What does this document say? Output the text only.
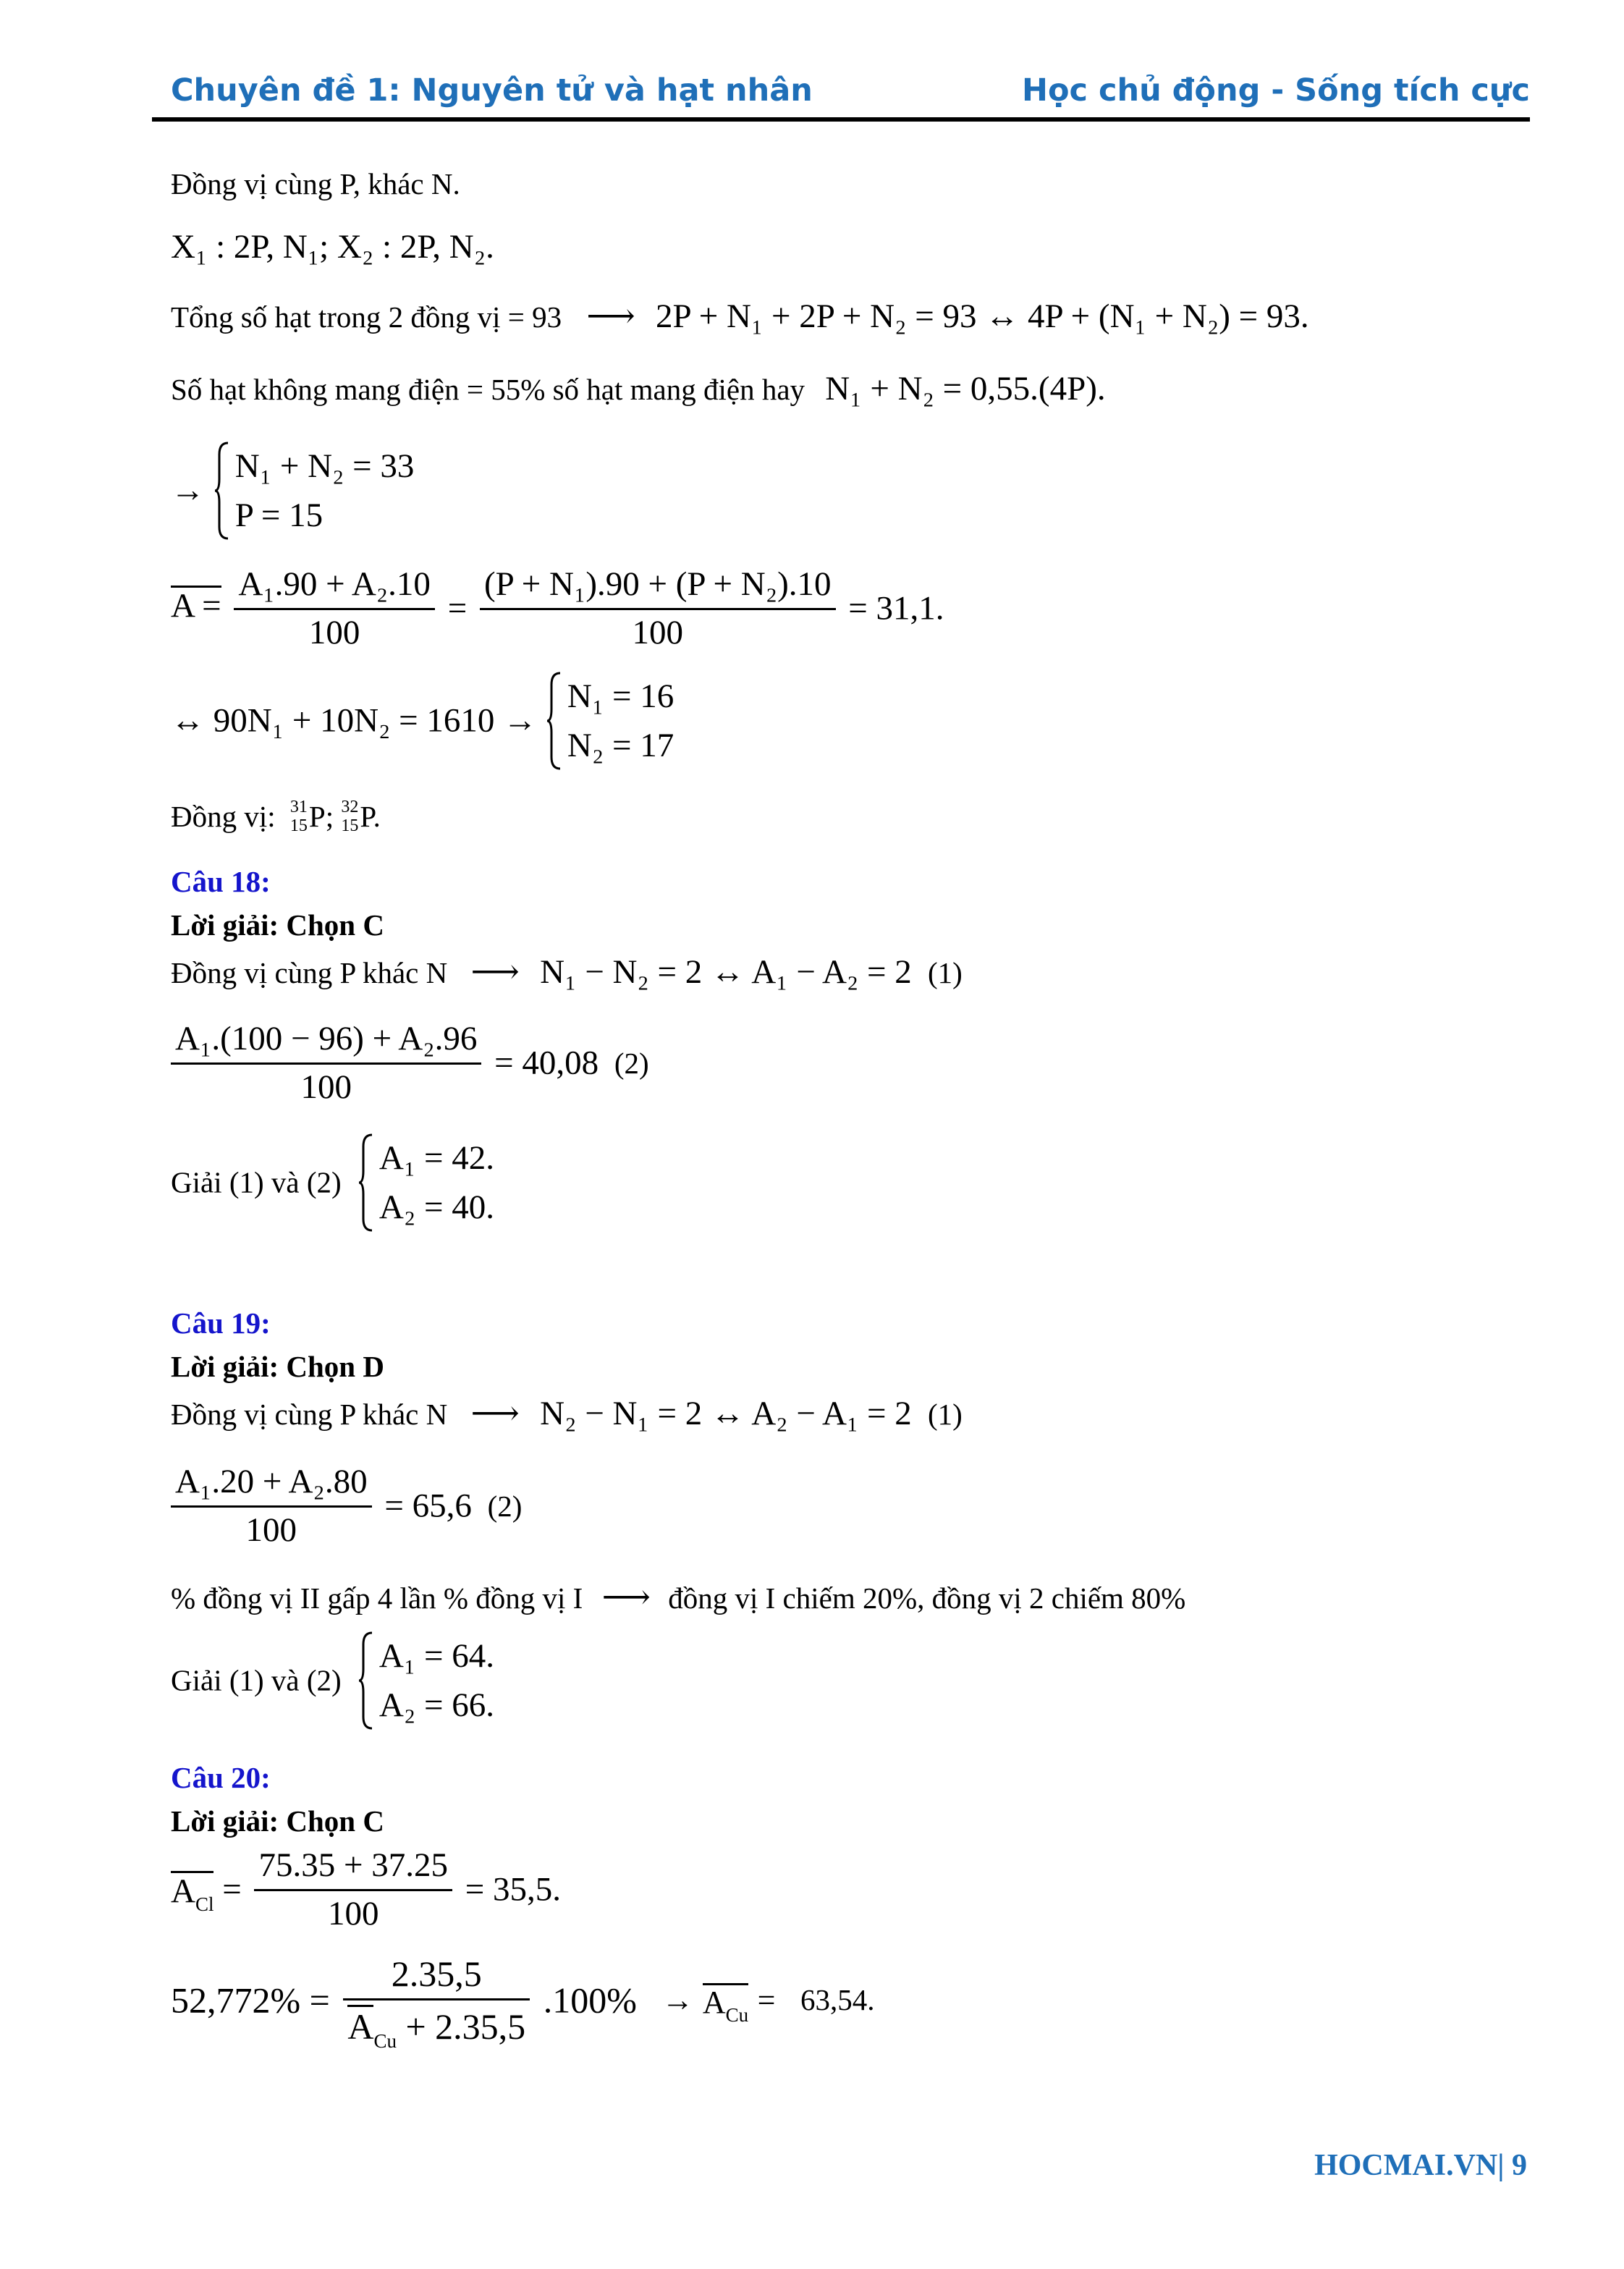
Chuyên đề 1: Nguyên tử và hạt nhân	Học chủ động - Sống tích cực
Đồng vị cùng P, khác N.
X₁ : 2P, N₁; X₂ : 2P, N₂.
Tổng số hạt trong 2 đồng vị = 93 ⟶ 2P + N₁ + 2P + N₂ = 93 ↔ 4P + (N₁ + N₂) = 93.
Số hạt không mang điện = 55% số hạt mang điện hay N₁ + N₂ = 0,55.(4P).
→
N₁ + N₂ = 33
P = 15
$A = \frac{\text{A₁.90 + A₂.10}}{100} = \frac{\text{(P + N₁).90 + (P + N₂).10}}{100} = 31,1$.
↔ 90N₁ + 10N₂ = 1610 →
N₁ = 16
N₂ = 17
Đồng vị: 31
15 P; 32
15 P.
Câu 18:
Lời giải: Chọn C
Đồng vị cùng P khác N ⟶ N₁ − N₂ = 2 ↔ A₁ − A₂ = 2 (1)
$\frac{\text{A₁.(100 − 96) + A₂.96}}{100} = 40,08$ (2)
Giải (1) và (2)
A₁ = 42.
A₂ = 40.
Câu 19:
Lời giải: Chọn D
Đồng vị cùng P khác N ⟶ N₂ − N₁ = 2 ↔ A₂ − A₁ = 2 (1)
$\frac{\text{A₁.20 + A₂.80}}{100} = 65,6$ (2)
% đồng vị II gấp 4 lần % đồng vị I ⟶ đồng vị I chiếm 20%, đồng vị 2 chiếm 80%
Giải (1) và (2)
A₁ = 64.
A₂ = 66.
Câu 20:
Lời giải: Chọn C
$A_{Cl} = \frac{75.35 + 37.25}{100} = 35,5$.
$52,772\% = \frac{2.35,5}{A_{Cu} + 2.35,5} .100\% \to A_{Cu} = 63,54$.
HOCMAI.VN| 9
